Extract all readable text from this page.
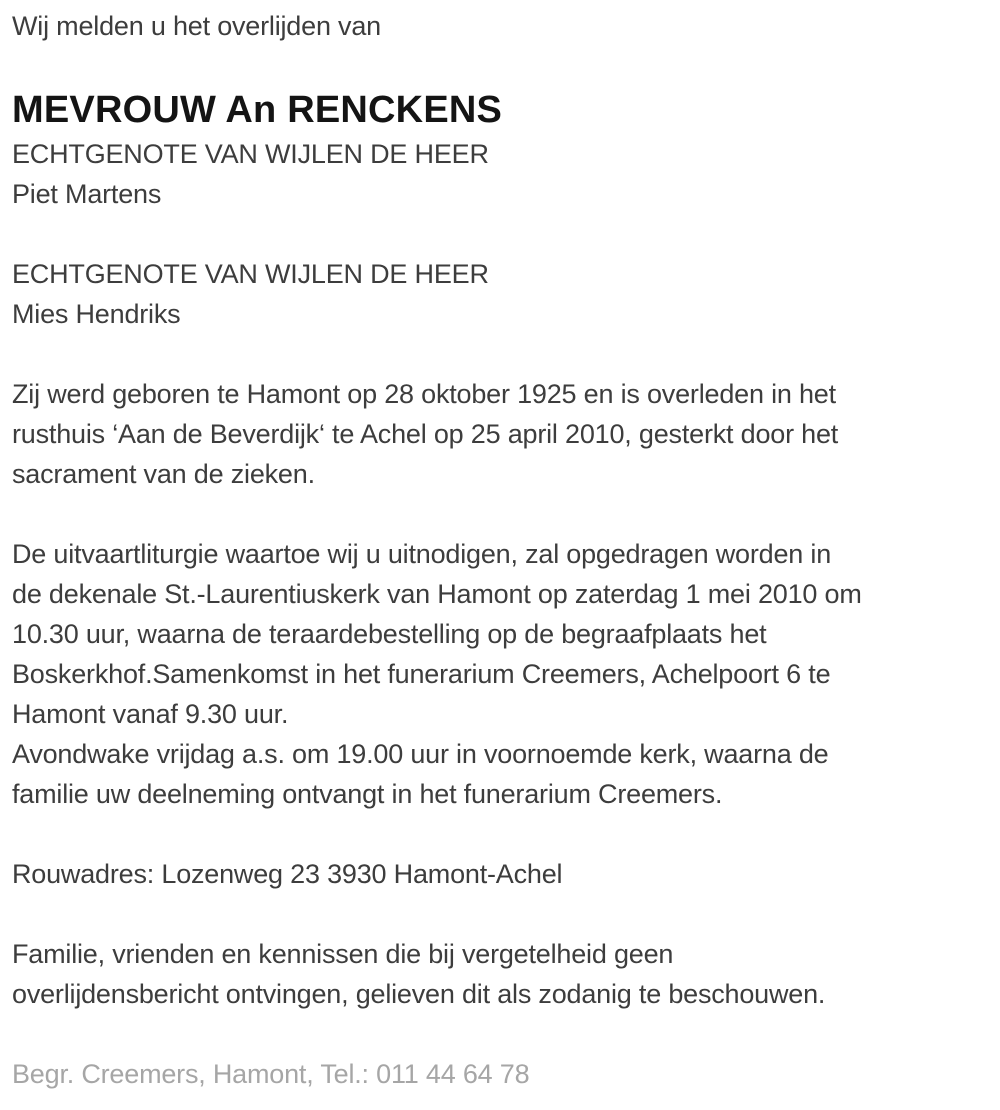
Wij melden u het overlijden van
MEVROUW An RENCKENS
ECHTGENOTE VAN WIJLEN DE HEER
Piet Martens
ECHTGENOTE VAN WIJLEN DE HEER
Mies Hendriks
Zij werd geboren te Hamont op 28 oktober 1925 en is overleden in het
rusthuis ‘Aan de Beverdijk‘ te Achel op 25 april 2010, gesterkt door het
sacrament van de zieken.
De uitvaartliturgie waartoe wij u uitnodigen, zal opgedragen worden in
de dekenale St.-Laurentiuskerk van Hamont op zaterdag 1 mei 2010 om
10.30 uur, waarna de teraardebestelling op de begraafplaats het
Boskerkhof.Samenkomst in het funerarium Creemers, Achelpoort 6 te
Hamont vanaf 9.30 uur.
Avondwake vrijdag a.s. om 19.00 uur in voornoemde kerk, waarna de
familie uw deelneming ontvangt in het funerarium Creemers.
Rouwadres: Lozenweg 23 3930 Hamont-Achel
Familie, vrienden en kennissen die bij vergetelheid geen
overlijdensbericht ontvingen, gelieven dit als zodanig te beschouwen.
Begr. Creemers, Hamont, Tel.: 011 44 64 78
